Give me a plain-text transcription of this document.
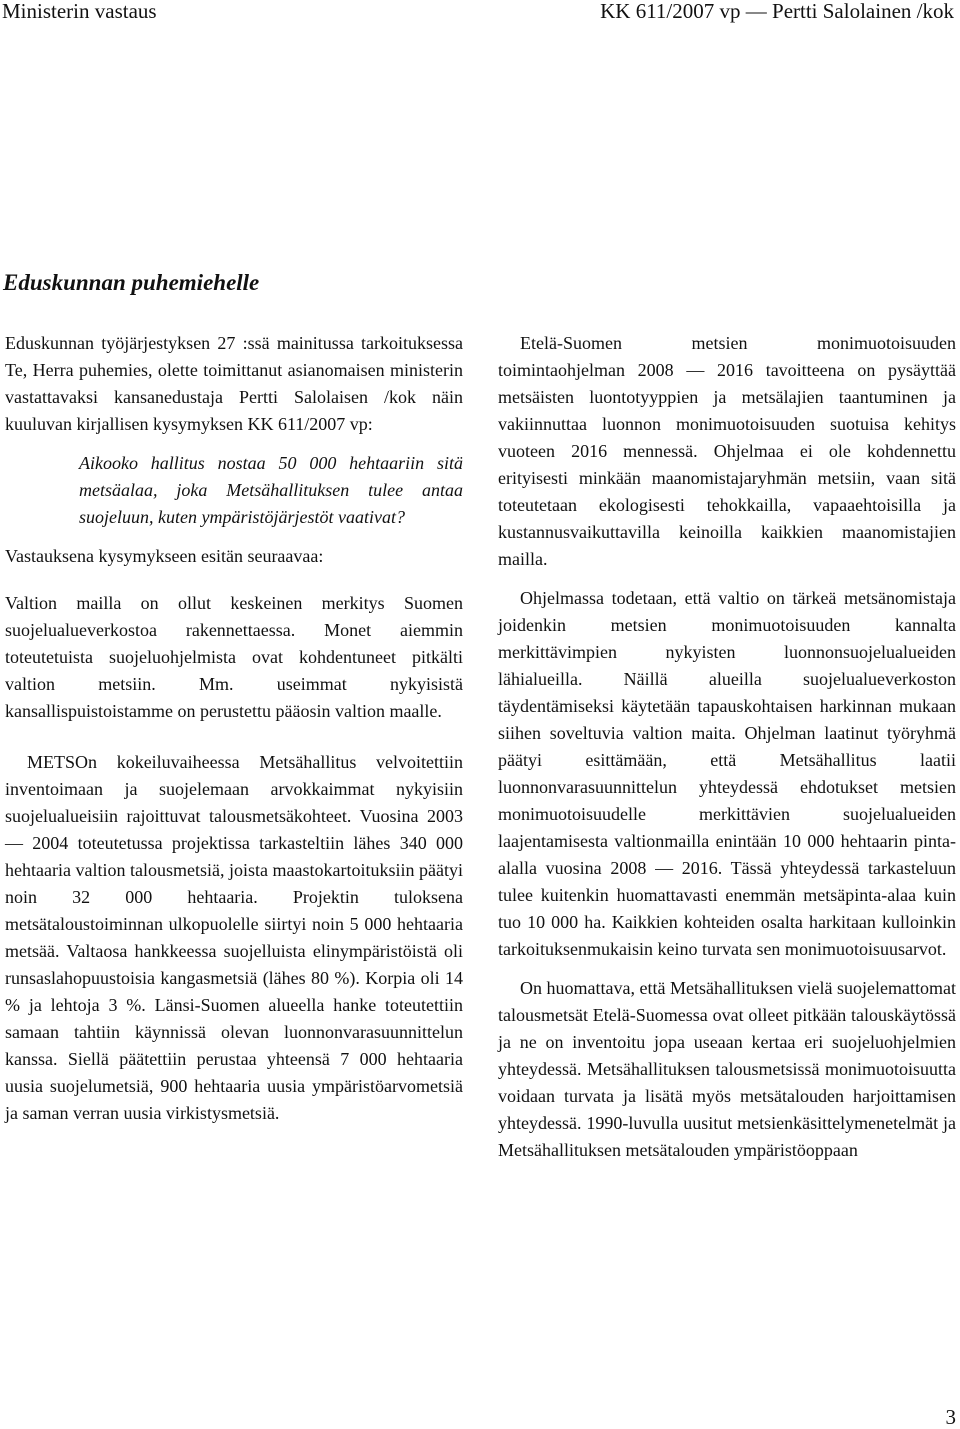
Ministerin vastaus	KK 611/2007 vp — Pertti Salolainen /kok
Eduskunnan puhemiehelle

Eduskunnan työjärjestyksen 27 :ssä mainitussa tarkoituksessa Te, Herra puhemies, olette toimittanut asianomaisen ministerin vastattavaksi kansanedustaja Pertti Salolaisen /kok näin kuuluvan kirjallisen kysymyksen KK 611/2007 vp:

Aikooko hallitus nostaa 50 000 hehtaariin sitä metsäalaa, joka Metsähallituksen tulee antaa suojeluun, kuten ympäristöjärjestöt vaativat?

Vastauksena kysymykseen esitän seuraavaa:

Valtion mailla on ollut keskeinen merkitys Suomen suojelualueverkostoa rakennettaessa. Monet aiemmin toteutetuista suojeluohjelmista ovat kohdentuneet pitkälti valtion metsiin. Mm. useimmat nykyisistä kansallispuistoistamme on perustettu pääosin valtion maalle.

METSOn kokeiluvaiheessa Metsähallitus velvoitettiin inventoimaan ja suojelemaan arvokkaimmat nykyisiin suojelualueisiin rajoittuvat talousmetsäkohteet. Vuosina 2003 — 2004 toteutetussa projektissa tarkasteltiin lähes 340 000 hehtaaria valtion talousmetsiä, joista maastokartoituksiin päätyi noin 32 000 hehtaaria. Projektin tuloksena metsätaloustoiminnan ulkopuolelle siirtyi noin 5 000 hehtaaria metsää. Valtaosa hankkeessa suojelluista elinympäristöistä oli runsaslahopuustoisia kangasmetsiä (lähes 80 %). Korpia oli 14 % ja lehtoja 3 %. Länsi-Suomen alueella hanke toteutettiin samaan tahtiin käynnissä olevan luonnonvarasuunnittelun kanssa. Siellä päätettiin perustaa yhteensä 7 000 hehtaaria uusia suojelumetsiä, 900 hehtaaria uusia ympäristöarvometsiä ja saman verran uusia virkistysmetsiä.

Etelä-Suomen metsien monimuotoisuuden toimintaohjelman 2008 — 2016 tavoitteena on pysäyttää metsäisten luontotyyppien ja metsälajien taantuminen ja vakiinnuttaa luonnon monimuotoisuuden suotuisa kehitys vuoteen 2016 mennessä. Ohjelmaa ei ole kohdennettu erityisesti minkään maanomistajaryhmän metsiin, vaan sitä toteutetaan ekologisesti tehokkailla, vapaaehtoisilla ja kustannusvaikuttavilla keinoilla kaikkien maanomistajien mailla.

Ohjelmassa todetaan, että valtio on tärkeä metsänomistaja joidenkin metsien monimuotoisuuden kannalta merkittävimpien nykyisten luonnonsuojelualueiden lähialueilla. Näillä alueilla suojelualueverkoston täydentämiseksi käytetään tapauskohtaisen harkinnan mukaan siihen soveltuvia valtion maita. Ohjelman laatinut työryhmä päätyi esittämään, että Metsähallitus laatii luonnonvarasuunnittelun yhteydessä ehdotukset metsien monimuotoisuudelle merkittävien suojelualueiden laajentamisesta valtionmailla enintään 10 000 hehtaarin pinta-alalla vuosina 2008 — 2016. Tässä yhteydessä tarkasteluun tulee kuitenkin huomattavasti enemmän metsäpinta-alaa kuin tuo 10 000 ha. Kaikkien kohteiden osalta harkitaan kulloinkin tarkoituksenmukaisin keino turvata sen monimuotoisuusarvot.

On huomattava, että Metsähallituksen vielä suojelemattomat talousmetsät Etelä-Suomessa ovat olleet pitkään talouskäytössä ja ne on inventoitu jopa useaan kertaa eri suojeluohjelmien yhteydessä. Metsähallituksen talousmetsissä monimuotoisuutta voidaan turvata ja lisätä myös metsätalouden harjoittamisen yhteydessä. 1990-luvulla uusitut metsienkäsittelymenetelmät ja Metsähallituksen metsätalouden ympäristöoppaan

3
